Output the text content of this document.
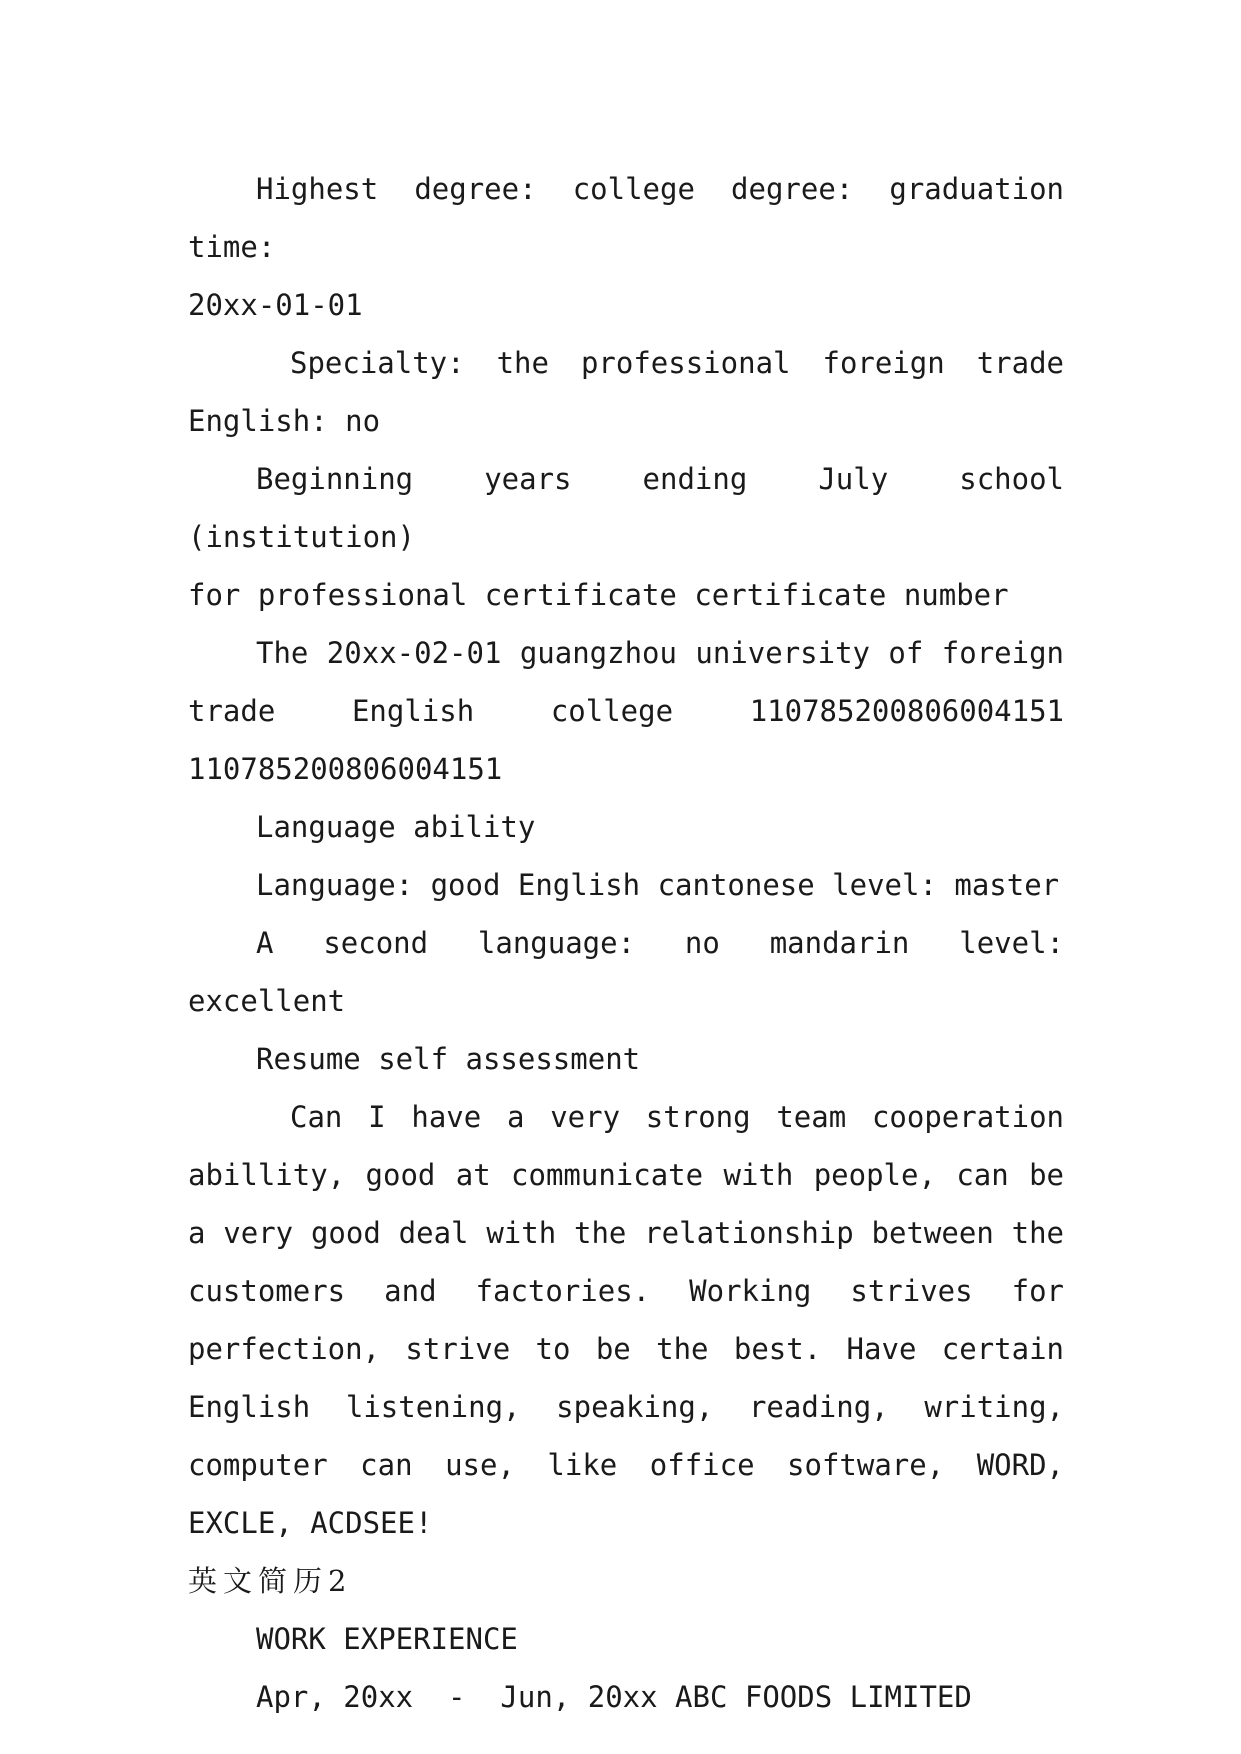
Highest degree: college degree: graduation time:

20xx-01-01

Specialty: the professional foreign trade

English: no

Beginning years ending July school (institution)

for professional certificate certificate number

The 20xx-02-01 guangzhou university of foreign

trade	English	college	110785200806004151

110785200806004151

Language ability

Language: good English cantonese level: master

A second language: no mandarin level: excellent

Resume self assessment

Can I have a very strong team cooperation abillity, good at communicate with people, can be a very good deal with the relationship between the customers and factories. Working strives for perfection, strive to be the best. Have certain English listening, speaking, reading, writing, computer can use, like office software, WORD, EXCLE, ACDSEE!

英文简历2

WORK EXPERIENCE

Apr, 20xx  -  Jun, 20xx ABC FOODS LIMITED
